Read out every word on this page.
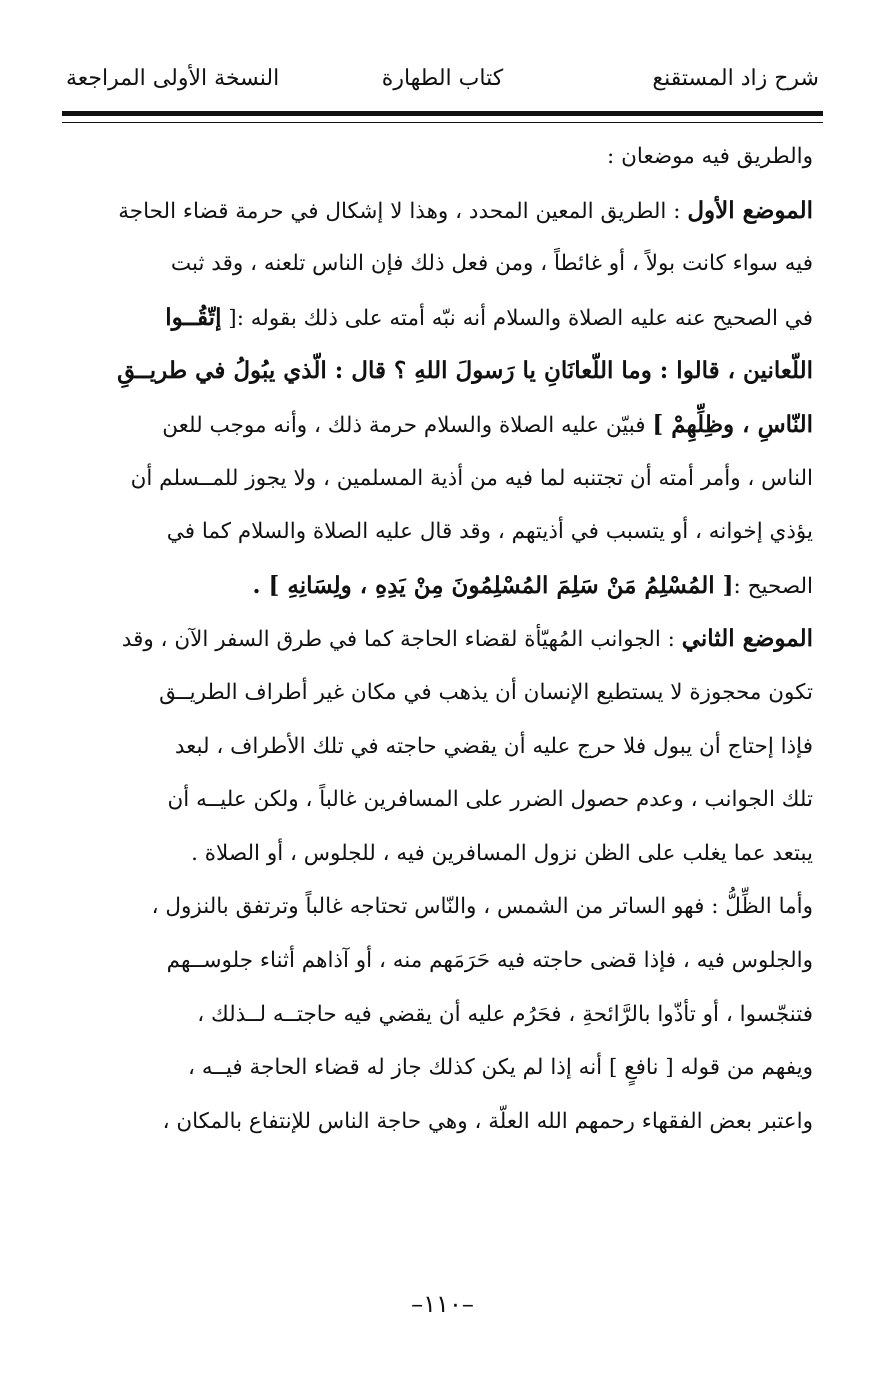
شرح زاد المستقنع
كتاب الطهارة
النسخة الأولى المراجعة
والطريق فيه موضعان :
الموضع الأول : الطريق المعين المحدد ، وهذا لا إشكال في حرمة قضاء الحاجة
فيه سواء كانت بولاً ، أو غائطاً ، ومن فعل ذلك فإن الناس تلعنه ، وقد ثبت
في الصحيح عنه عليه الصلاة والسلام أنه نبّه أمته على ذلك بقوله :[ إتّقُــوا
اللّعانين ، قالوا : وما اللّعانَانِ يا رَسولَ اللهِ ؟ قال : الّذي يبُولُ في طريــقِ
النّاسِ ، وظِلِّهِمْ ] فبيّن عليه الصلاة والسلام حرمة ذلك ، وأنه موجب للعن
الناس ، وأمر أمته أن تجتنبه لما فيه من أذية المسلمين ، ولا يجوز للمــسلم أن
يؤذي إخوانه ، أو يتسبب في أذيتهم ، وقد قال عليه الصلاة والسلام كما في
الصحيح :[ المُسْلِمُ مَنْ سَلِمَ المُسْلِمُونَ مِنْ يَدِهِ ، ولِسَانِهِ ] .
الموضع الثاني : الجوانب المُهيّأة لقضاء الحاجة كما في طرق السفر الآن ، وقد
تكون محجوزة لا يستطيع الإنسان أن يذهب في مكان غير أطراف الطريــق
فإذا إحتاج أن يبول فلا حرج عليه أن يقضي حاجته في تلك الأطراف ، لبعد
تلك الجوانب ، وعدم حصول الضرر على المسافرين غالباً ، ولكن عليــه أن
يبتعد عما يغلب على الظن نزول المسافرين فيه ، للجلوس ، أو الصلاة .
وأما الظِّلُّ : فهو الساتر من الشمس ، والنّاس تحتاجه غالباً وترتفق بالنزول ،
والجلوس فيه ، فإذا قضى حاجته فيه حَرَمَهم منه ، أو آذاهم أثناء جلوســهم
فتنجّسوا ، أو تأذّوا بالرَّائحةِ ، فحَرُم عليه أن يقضي فيه حاجتــه لــذلك ،
ويفهم من قوله [ نافعٍ ] أنه إذا لم يكن كذلك جاز له قضاء الحاجة فيــه ،
واعتبر بعض الفقهاء رحمهم الله العلّة ، وهي حاجة الناس للإنتفاع بالمكان ،
–١١٠–
